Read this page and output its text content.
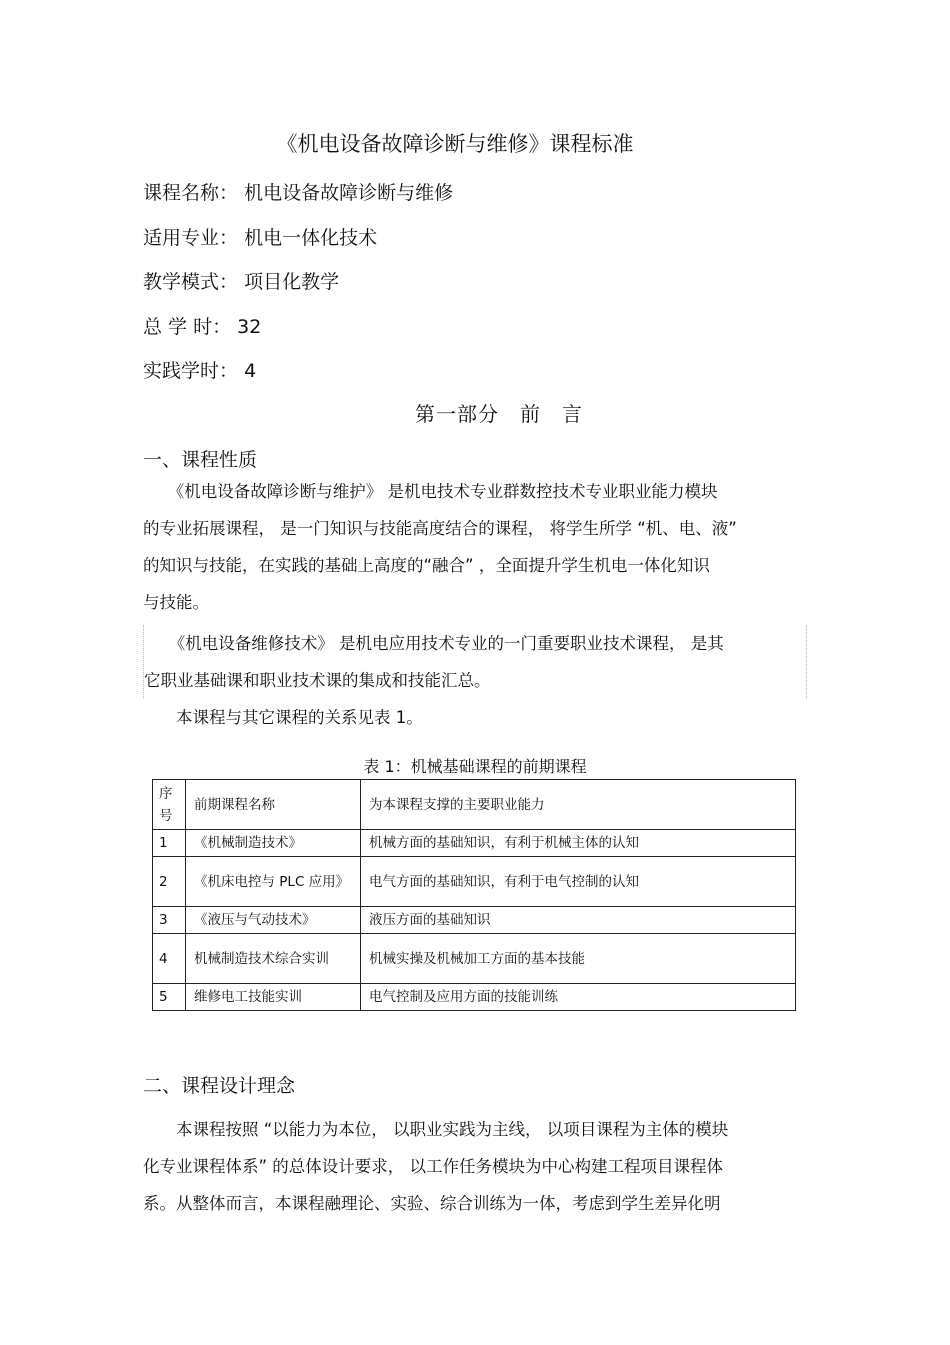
《机电设备故障诊断与维修》课程标准
课程名称： 机电设备故障诊断与维修
适用专业： 机电一体化技术
教学模式： 项目化教学
总 学 时： 32
实践学时： 4
第一部分　前　言
一、课程性质

　　《机电设备故障诊断与维护》 是机电技术专业群数控技术专业职业能力模块

的专业拓展课程， 是一门知识与技能高度结合的课程， 将学生所学 “机、电、液”

的知识与技能，在实践的基础上高度的“融合” ，全面提升学生机电一体化知识

与技能。

　　《机电设备维修技术》 是机电应用技术专业的一门重要职业技术课程， 是其

它职业基础课和职业技术课的集成和技能汇总。

　　本课程与其它课程的关系见表 1。

表 1：机械基础课程的前期课程
序号	前期课程名称	为本课程支撑的主要职业能力
1	《机械制造技术》	机械方面的基础知识，有利于机械主体的认知
2	《机床电控与 PLC 应用》	电气方面的基础知识，有利于电气控制的认知
3	《液压与气动技术》	液压方面的基础知识
4	机械制造技术综合实训	机械实操及机械加工方面的基本技能
5	维修电工技能实训	电气控制及应用方面的技能训练
二、课程设计理念

　　本课程按照 “以能力为本位， 以职业实践为主线， 以项目课程为主体的模块

化专业课程体系” 的总体设计要求， 以工作任务模块为中心构建工程项目课程体

系。从整体而言，本课程融理论、实验、综合训练为一体，考虑到学生差异化明
